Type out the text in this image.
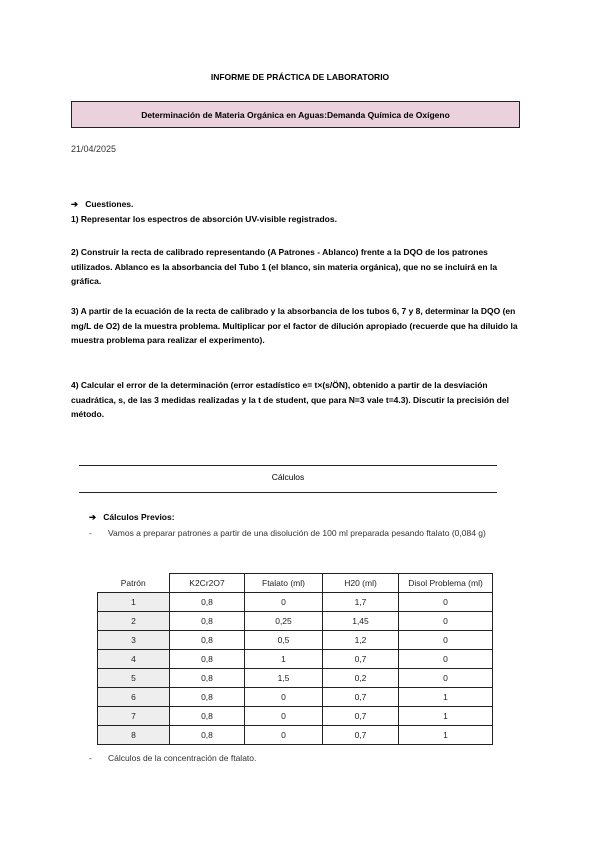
INFORME DE PRÁCTICA DE LABORATORIO
Determinación de Materia Orgánica en Aguas:Demanda Química de Oxígeno
21/04/2025
➔ Cuestiones.
1) Representar los espectros de absorción UV-visible registrados.
2) Construir la recta de calibrado representando (A Patrones - Ablanco) frente a la DQO de los patrones utilizados. Ablanco es la absorbancia del Tubo 1 (el blanco, sin materia orgánica), que no se incluirá en la gráfica.
3) A partir de la ecuación de la recta de calibrado y la absorbancia de los tubos 6, 7 y 8, determinar la DQO (en mg/L de O2) de la muestra problema. Multiplicar por el factor de dilución apropiado (recuerde que ha diluido la muestra problema para realizar el experimento).
4) Calcular el error de la determinación (error estadístico e= t×(s/ÖN), obtenido a partir de la desviación cuadrática, s, de las 3 medidas realizadas y la t de student, que para N=3 vale t=4.3). Discutir la precisión del método.
Cálculos
➔ Cálculos Previos:
- Vamos a preparar patrones a partir de una disolución de 100 ml preparada pesando ftalato (0,084 g)
Patrón	K2Cr2O7	Ftalato (ml)	H20 (ml)	Disol Problema (ml)
1	0,8	0	1,7	0
2	0,8	0,25	1,45	0
3	0,8	0,5	1,2	0
4	0,8	1	0,7	0
5	0,8	1,5	0,2	0
6	0,8	0	0,7	1
7	0,8	0	0,7	1
8	0,8	0	0,7	1
- Cálculos de la concentración de ftalato.
